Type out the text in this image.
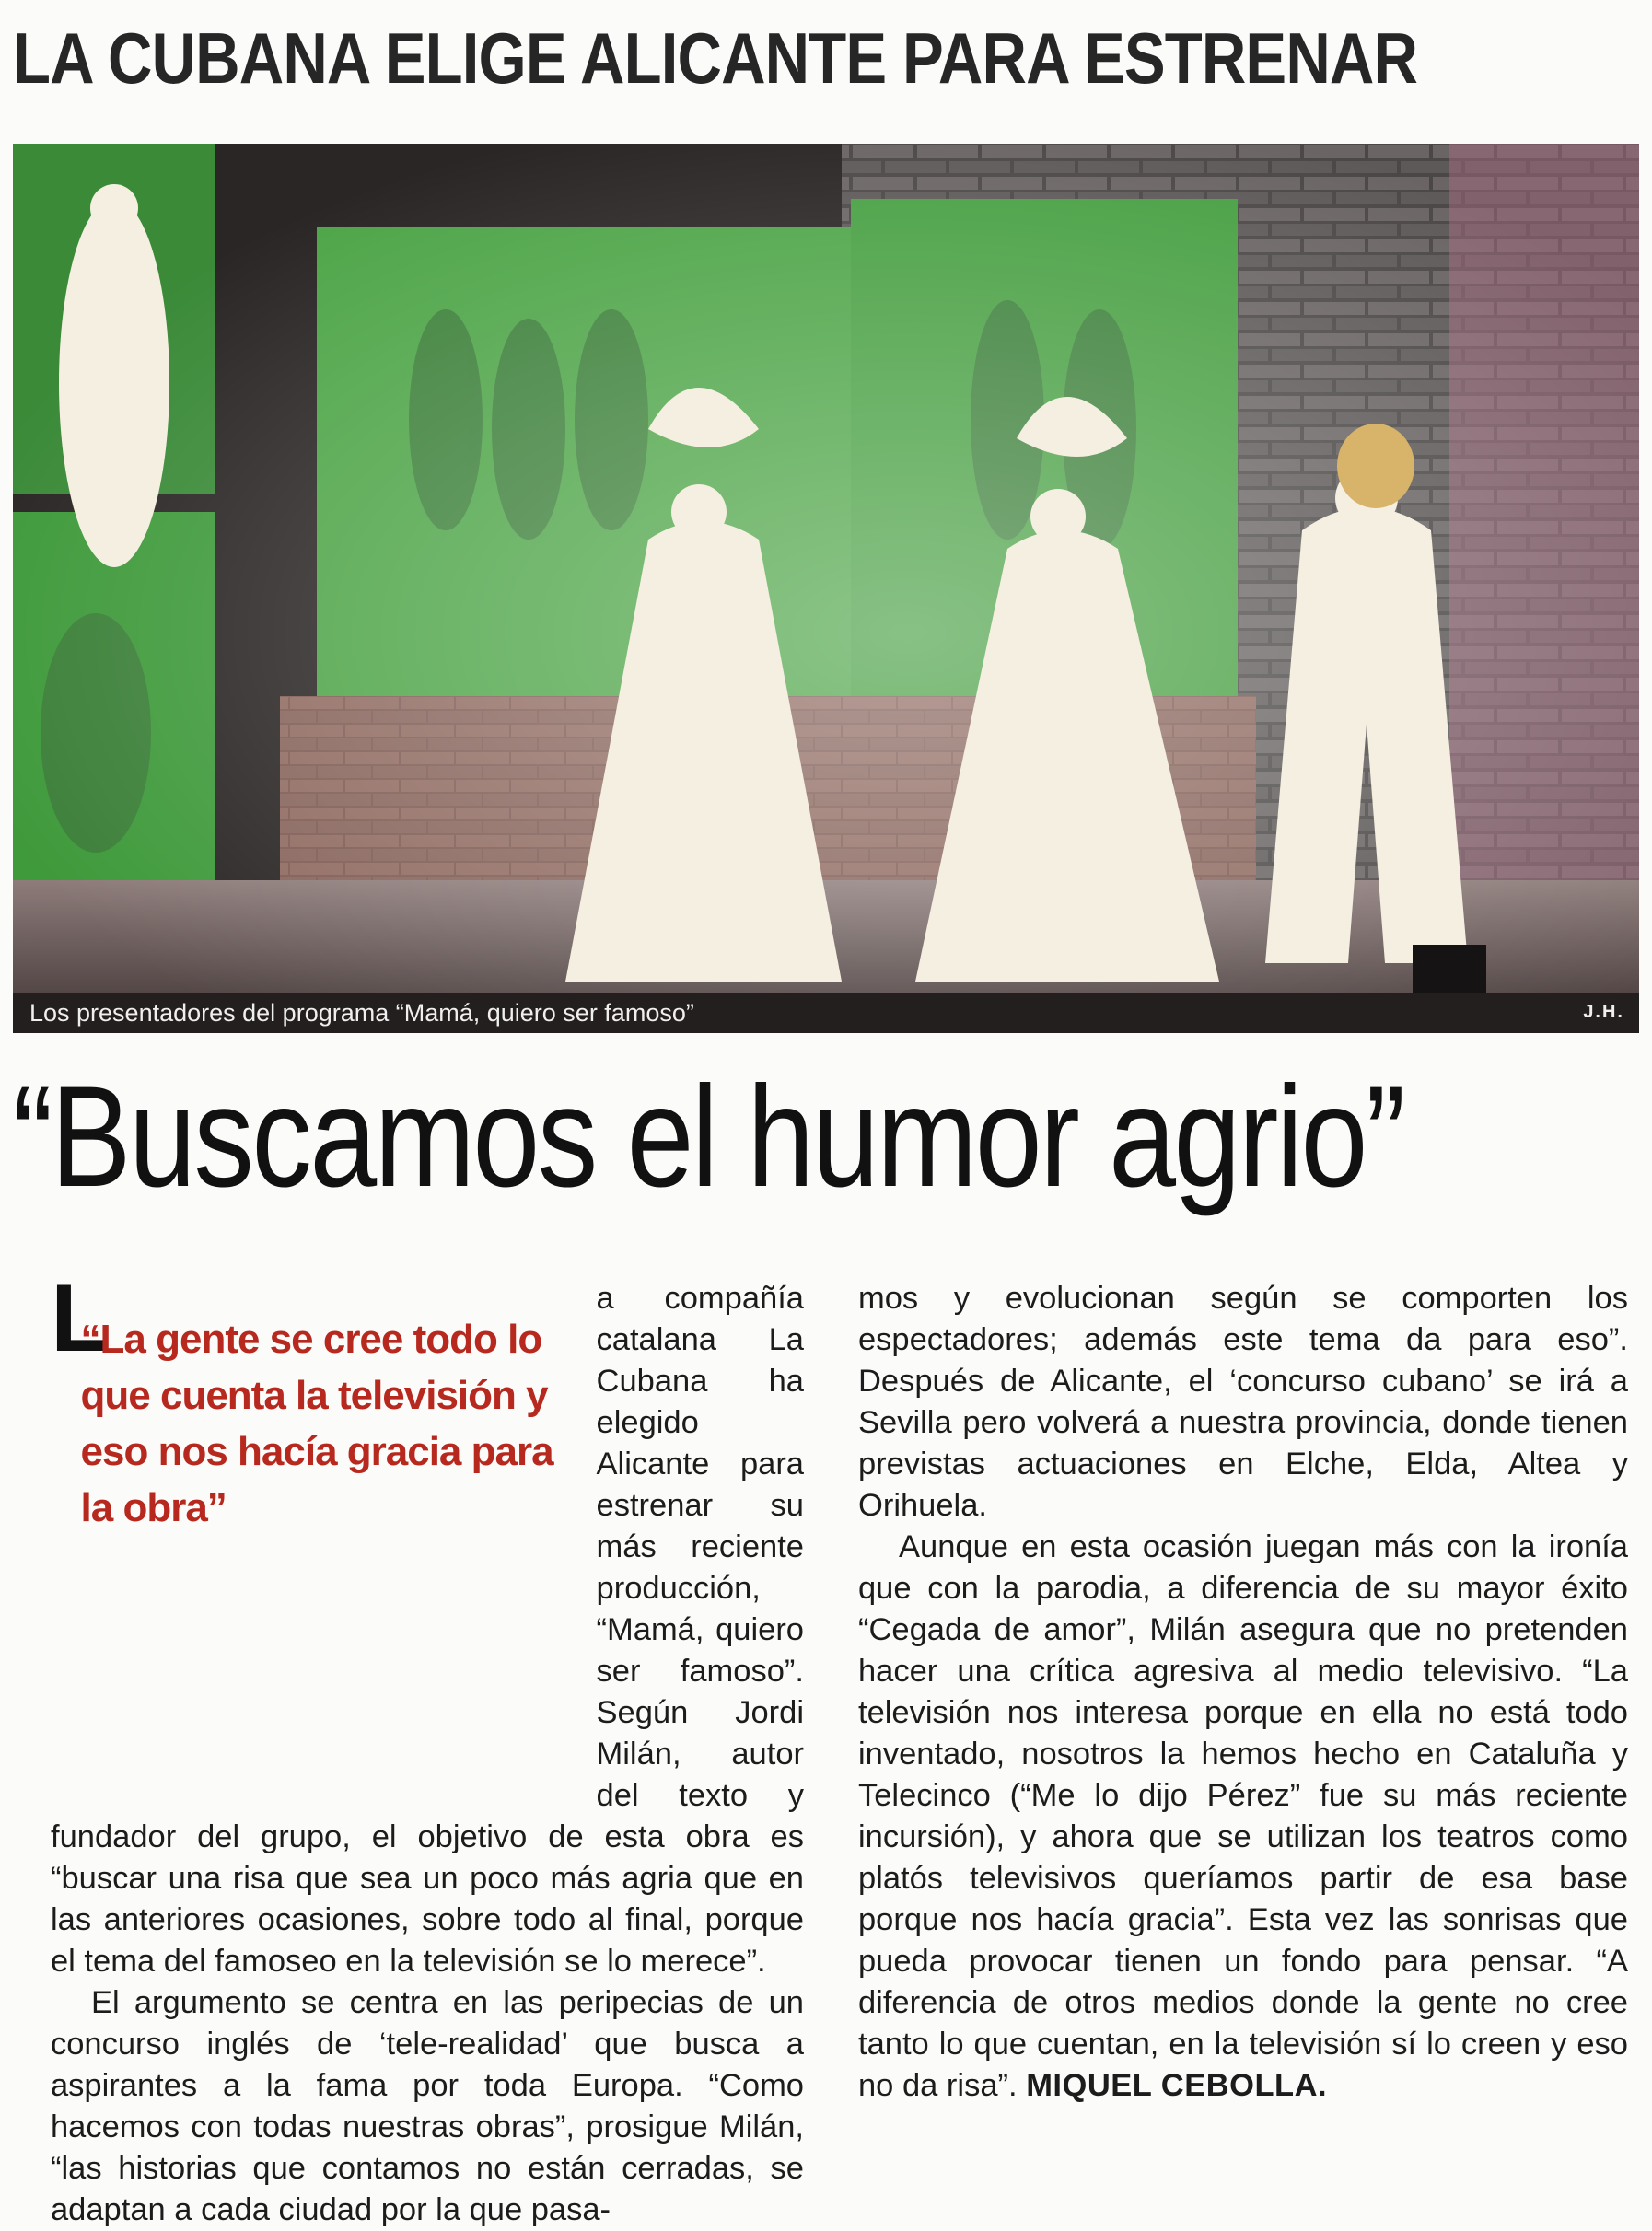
LA CUBANA ELIGE ALICANTE PARA ESTRENAR
Los presentadores del programa “Mamá, quiero ser famoso”	J.H.
“Buscamos el humor agrio”

L
“La gente se cree todo lo que cuenta la televisión y eso nos hacía gracia para la obra”
a compañía catalana La Cubana ha elegido Alicante para estrenar su más reciente producción, “Mamá, quiero ser famoso”. Según Jordi Milán, autor del texto y fundador del grupo, el objetivo de esta obra es “buscar una risa que sea un poco más agria que en las anteriores ocasiones, sobre todo al final, porque el tema del famoseo en la televisión se lo merece”.

El argumento se centra en las peripecias de un concurso inglés de ‘tele-realidad’ que busca a aspirantes a la fama por toda Europa. “Como hacemos con todas nuestras obras”, prosigue Milán, “las historias que contamos no están cerradas, se adaptan a cada ciudad por la que pasa-

mos y evolucionan según se comporten los espectadores; además este tema da para eso”. Después de Alicante, el ‘concurso cubano’ se irá a Sevilla pero volverá a nuestra provincia, donde tienen previstas actuaciones en Elche, Elda, Altea y Orihuela.

Aunque en esta ocasión juegan más con la ironía que con la parodia, a diferencia de su mayor éxito “Cegada de amor”, Milán asegura que no pretenden hacer una crítica agresiva al medio televisivo. “La televisión nos interesa porque en ella no está todo inventado, nosotros la hemos hecho en Cataluña y Telecinco (“Me lo dijo Pérez” fue su más reciente incursión), y ahora que se utilizan los teatros como platós televisivos queríamos partir de esa base porque nos hacía gracia”. Esta vez las sonrisas que pueda provocar tienen un fondo para pensar. “A diferencia de otros medios donde la gente no cree tanto lo que cuentan, en la televisión sí lo creen y eso no da risa”. MIQUEL CEBOLLA.
